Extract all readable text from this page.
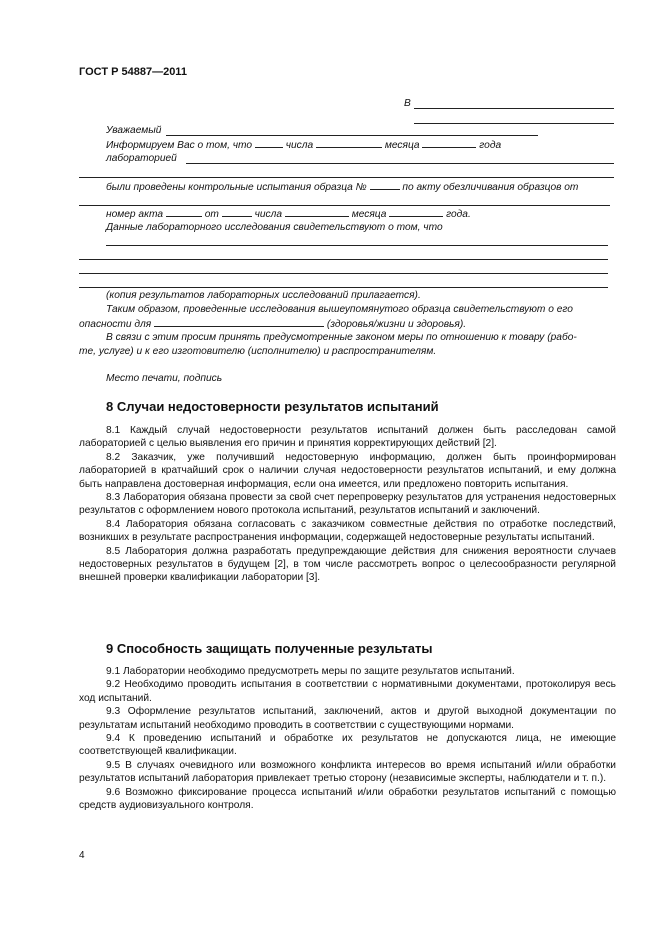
ГОСТ Р 54887—2011
В
Уважаемый
Информируем Вас о том, что	числа	месяца	года
лабораторией
были проведены контрольные испытания образца №	по акту обезличивания образцов от
номер акта	от	числа	месяца	года.
Данные лабораторного исследования свидетельствуют о том, что
(копия результатов лабораторных исследований прилагается).
Таким образом, проведенные исследования вышеупомянутого образца свидетельствуют о его
опасности для	(здоровья/жизни и здоровья).
В связи с этим просим принять предусмотренные законом меры по отношению к товару (рабо-
те, услуге) и к его изготовителю (исполнителю) и распространителям.
Место печати, подпись
8 Случаи недостоверности результатов испытаний
8.1 Каждый случай недостоверности результатов испытаний должен быть расследован самой лабораторией с целью выявления его причин и принятия корректирующих действий [2].
8.2 Заказчик, уже получивший недостоверную информацию, должен быть проинформирован лабораторией в кратчайший срок о наличии случая недостоверности результатов испытаний, и ему должна быть направлена достоверная информация, если она имеется, или предложено повторить испытания.
8.3 Лаборатория обязана провести за свой счет перепроверку результатов для устранения недостоверных результатов с оформлением нового протокола испытаний, результатов испытаний и заключений.
8.4 Лаборатория обязана согласовать с заказчиком совместные действия по отработке последствий, возникших в результате распространения информации, содержащей недостоверные результаты испытаний.
8.5 Лаборатория должна разработать предупреждающие действия для снижения вероятности случаев недостоверных результатов в будущем [2], в том числе рассмотреть вопрос о целесообразности регулярной внешней проверки квалификации лаборатории [3].
9 Способность защищать полученные результаты
9.1 Лаборатории необходимо предусмотреть меры по защите результатов испытаний.
9.2 Необходимо проводить испытания в соответствии с нормативными документами, протоколируя весь ход испытаний.
9.3 Оформление результатов испытаний, заключений, актов и другой выходной документации по результатам испытаний необходимо проводить в соответствии с существующими нормами.
9.4 К проведению испытаний и обработке их результатов не допускаются лица, не имеющие соответствующей квалификации.
9.5 В случаях очевидного или возможного конфликта интересов во время испытаний и/или обработки результатов испытаний лаборатория привлекает третью сторону (независимые эксперты, наблюдатели и т. п.).
9.6 Возможно фиксирование процесса испытаний и/или обработки результатов испытаний с помощью средств аудиовизуального контроля.
4
